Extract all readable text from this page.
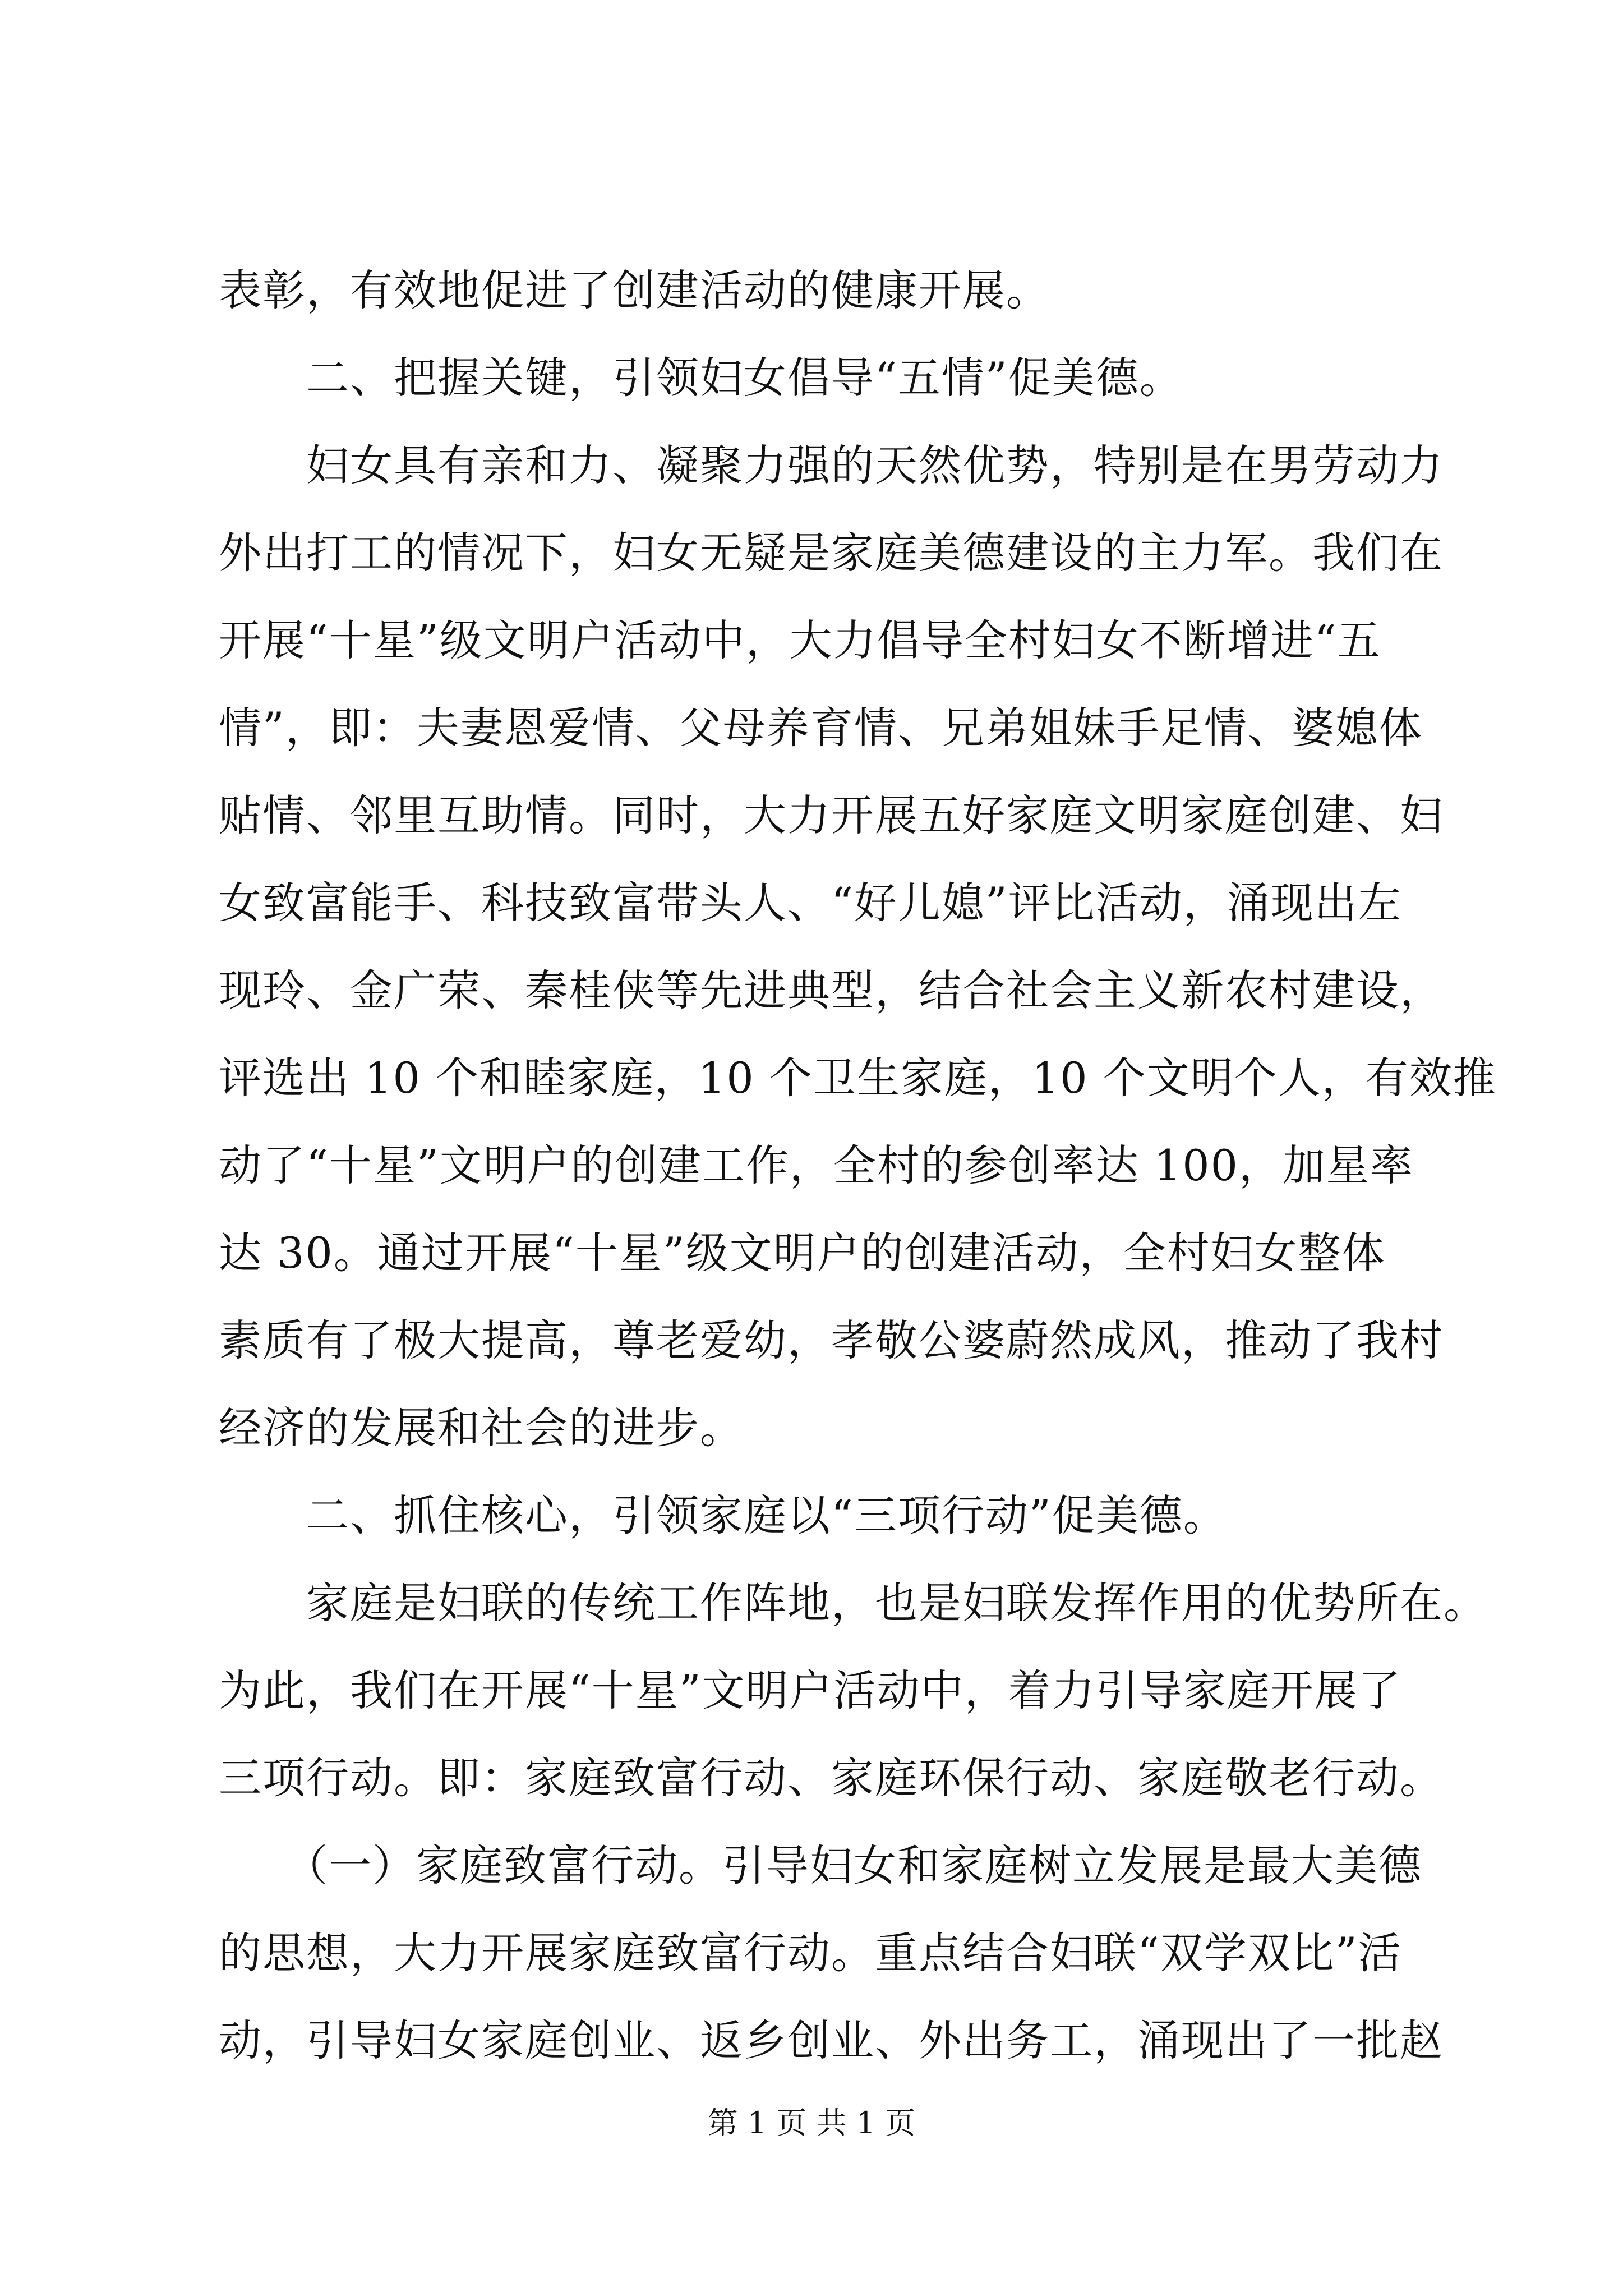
表彰，有效地促进了创建活动的健康开展。
　　二、把握关键，引领妇女倡导“五情”促美德。
　　妇女具有亲和力、凝聚力强的天然优势，特别是在男劳动力
外出打工的情况下，妇女无疑是家庭美德建设的主力军。我们在
开展“十星”级文明户活动中，大力倡导全村妇女不断增进“五
情”，即：夫妻恩爱情、父母养育情、兄弟姐妹手足情、婆媳体
贴情、邻里互助情。同时，大力开展五好家庭文明家庭创建、妇
女致富能手、科技致富带头人、“好儿媳”评比活动，涌现出左
现玲、金广荣、秦桂侠等先进典型，结合社会主义新农村建设，
评选出 10 个和睦家庭，10 个卫生家庭，10 个文明个人，有效推
动了“十星”文明户的创建工作，全村的参创率达 100，加星率
达 30。通过开展“十星”级文明户的创建活动，全村妇女整体
素质有了极大提高，尊老爱幼，孝敬公婆蔚然成风，推动了我村
经济的发展和社会的进步。
　　二、抓住核心，引领家庭以“三项行动”促美德。
　　家庭是妇联的传统工作阵地，也是妇联发挥作用的优势所在。
为此，我们在开展“十星”文明户活动中，着力引导家庭开展了
三项行动。即：家庭致富行动、家庭环保行动、家庭敬老行动。
　　（一）家庭致富行动。引导妇女和家庭树立发展是最大美德
的思想，大力开展家庭致富行动。重点结合妇联“双学双比”活
动，引导妇女家庭创业、返乡创业、外出务工，涌现出了一批赵
第 1 页 共 1 页
